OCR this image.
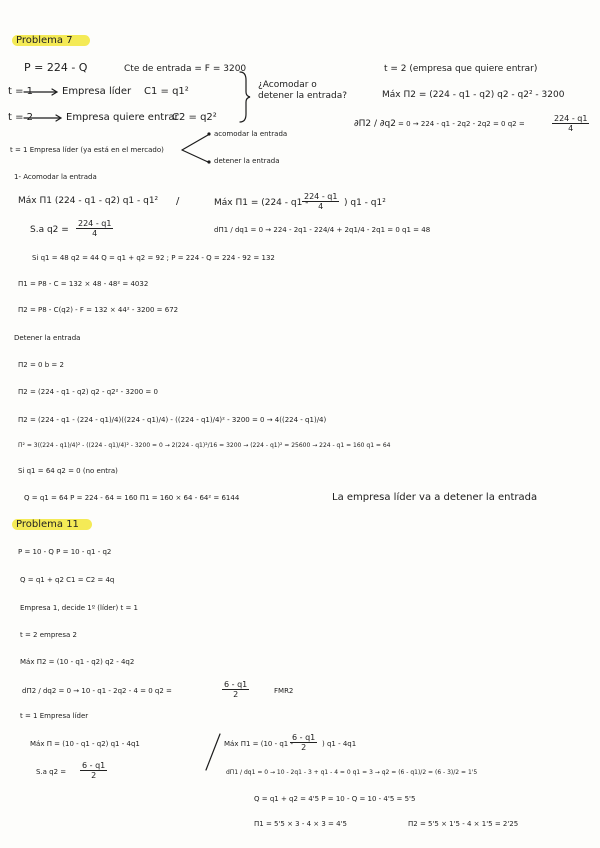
Problema 7
P = 224 - Q	Cte de entrada = F = 3200	t = 2 (empresa que quiere entrar)
t = 1	Empresa líder C1 = q1²
¿Acomodar o
detener la entrada?	Máx Π2 = (224 - q1 - q2) q2 - q2² - 3200
t = 2	Empresa quiere entrar
C2 = q2²
∂Π2 / ∂q2 = 0 → 224 - q1 - 2q2 - 2q2 = 0 q2 =	$\frac{224 - q1}{4}$
t = 1 Empresa líder (ya está en el mercado)
acomodar la entrada
detener la entrada
1- Acomodar la entrada
Máx Π1 (224 - q1 - q2) q1 - q1² /	Máx Π1 = (224 - q1 -
$\frac{224 - q1}{4}$ ) q1 - q1²
S.a $q2 = \frac{224 - q1}{4}$	dΠ1 / dq1 = 0 → 224 - 2q1 - 224/4 + 2q1/4 - 2q1 = 0 q1 = 48
Si q1 = 48 q2 = 44 Q = q1 + q2 = 92 ; P = 224 - Q = 224 - 92 = 132
Π1 = P8 - C = 132 × 48 - 48² = 4032
Π2 = P8 - C(q2) - F = 132 × 44² - 3200 = 672
Detener la entrada
Π2 = 0 b = 2
Π2 = (224 - q1 - q2) q2 - q2² - 3200 = 0
Π2 = (224 - q1 - (224 - q1)/4)((224 - q1)/4) - ((224 - q1)/4)² - 3200 = 0 → 4((224 - q1)/4)
Π² = 3((224 - q1)/4)² - ((224 - q1)/4)² - 3200 = 0 → 2(224 - q1)²/16 = 3200 → (224 - q1)² = 25600 → 224 - q1 = 160 q1 = 64
Si q1 = 64 q2 = 0 (no entra)
Q = q1 = 64 P = 224 - 64 = 160 Π1 = 160 × 64 - 64² = 6144	La empresa líder va a detener la entrada
Problema 11
P = 10 - Q P = 10 - q1 - q2
Q = q1 + q2 C1 = C2 = 4q
Empresa 1, decide 1º (líder) t = 1
t = 2 empresa 2
Máx Π2 = (10 - q1 - q2) q2 - 4q2
dΠ2 / dq2 = 0 → 10 - q1 - 2q2 - 4 = 0 q2 =	$\frac{6 - q1}{2}$	FMR2
t = 1 Empresa líder
Máx Π = (10 - q1 - q2) q1 - 4q1	Máx Π1 = (10 - q1 -
$\frac{6 - q1}{2}$ ) q1 - 4q1
S.a $q2 = \frac{6 - q1}{2}$	dΠ1 / dq1 = 0 → 10 - 2q1 - 3 + q1 - 4 = 0 q1 = 3 → q2 = (6 - q1)/2 = (6 - 3)/2 = 1'5
Q = q1 + q2 = 4'5 P = 10 - Q = 10 - 4'5 = 5'5
Π1 = 5'5 × 3 - 4 × 3 = 4'5	Π2 = 5'5 × 1'5 - 4 × 1'5 = 2'25
